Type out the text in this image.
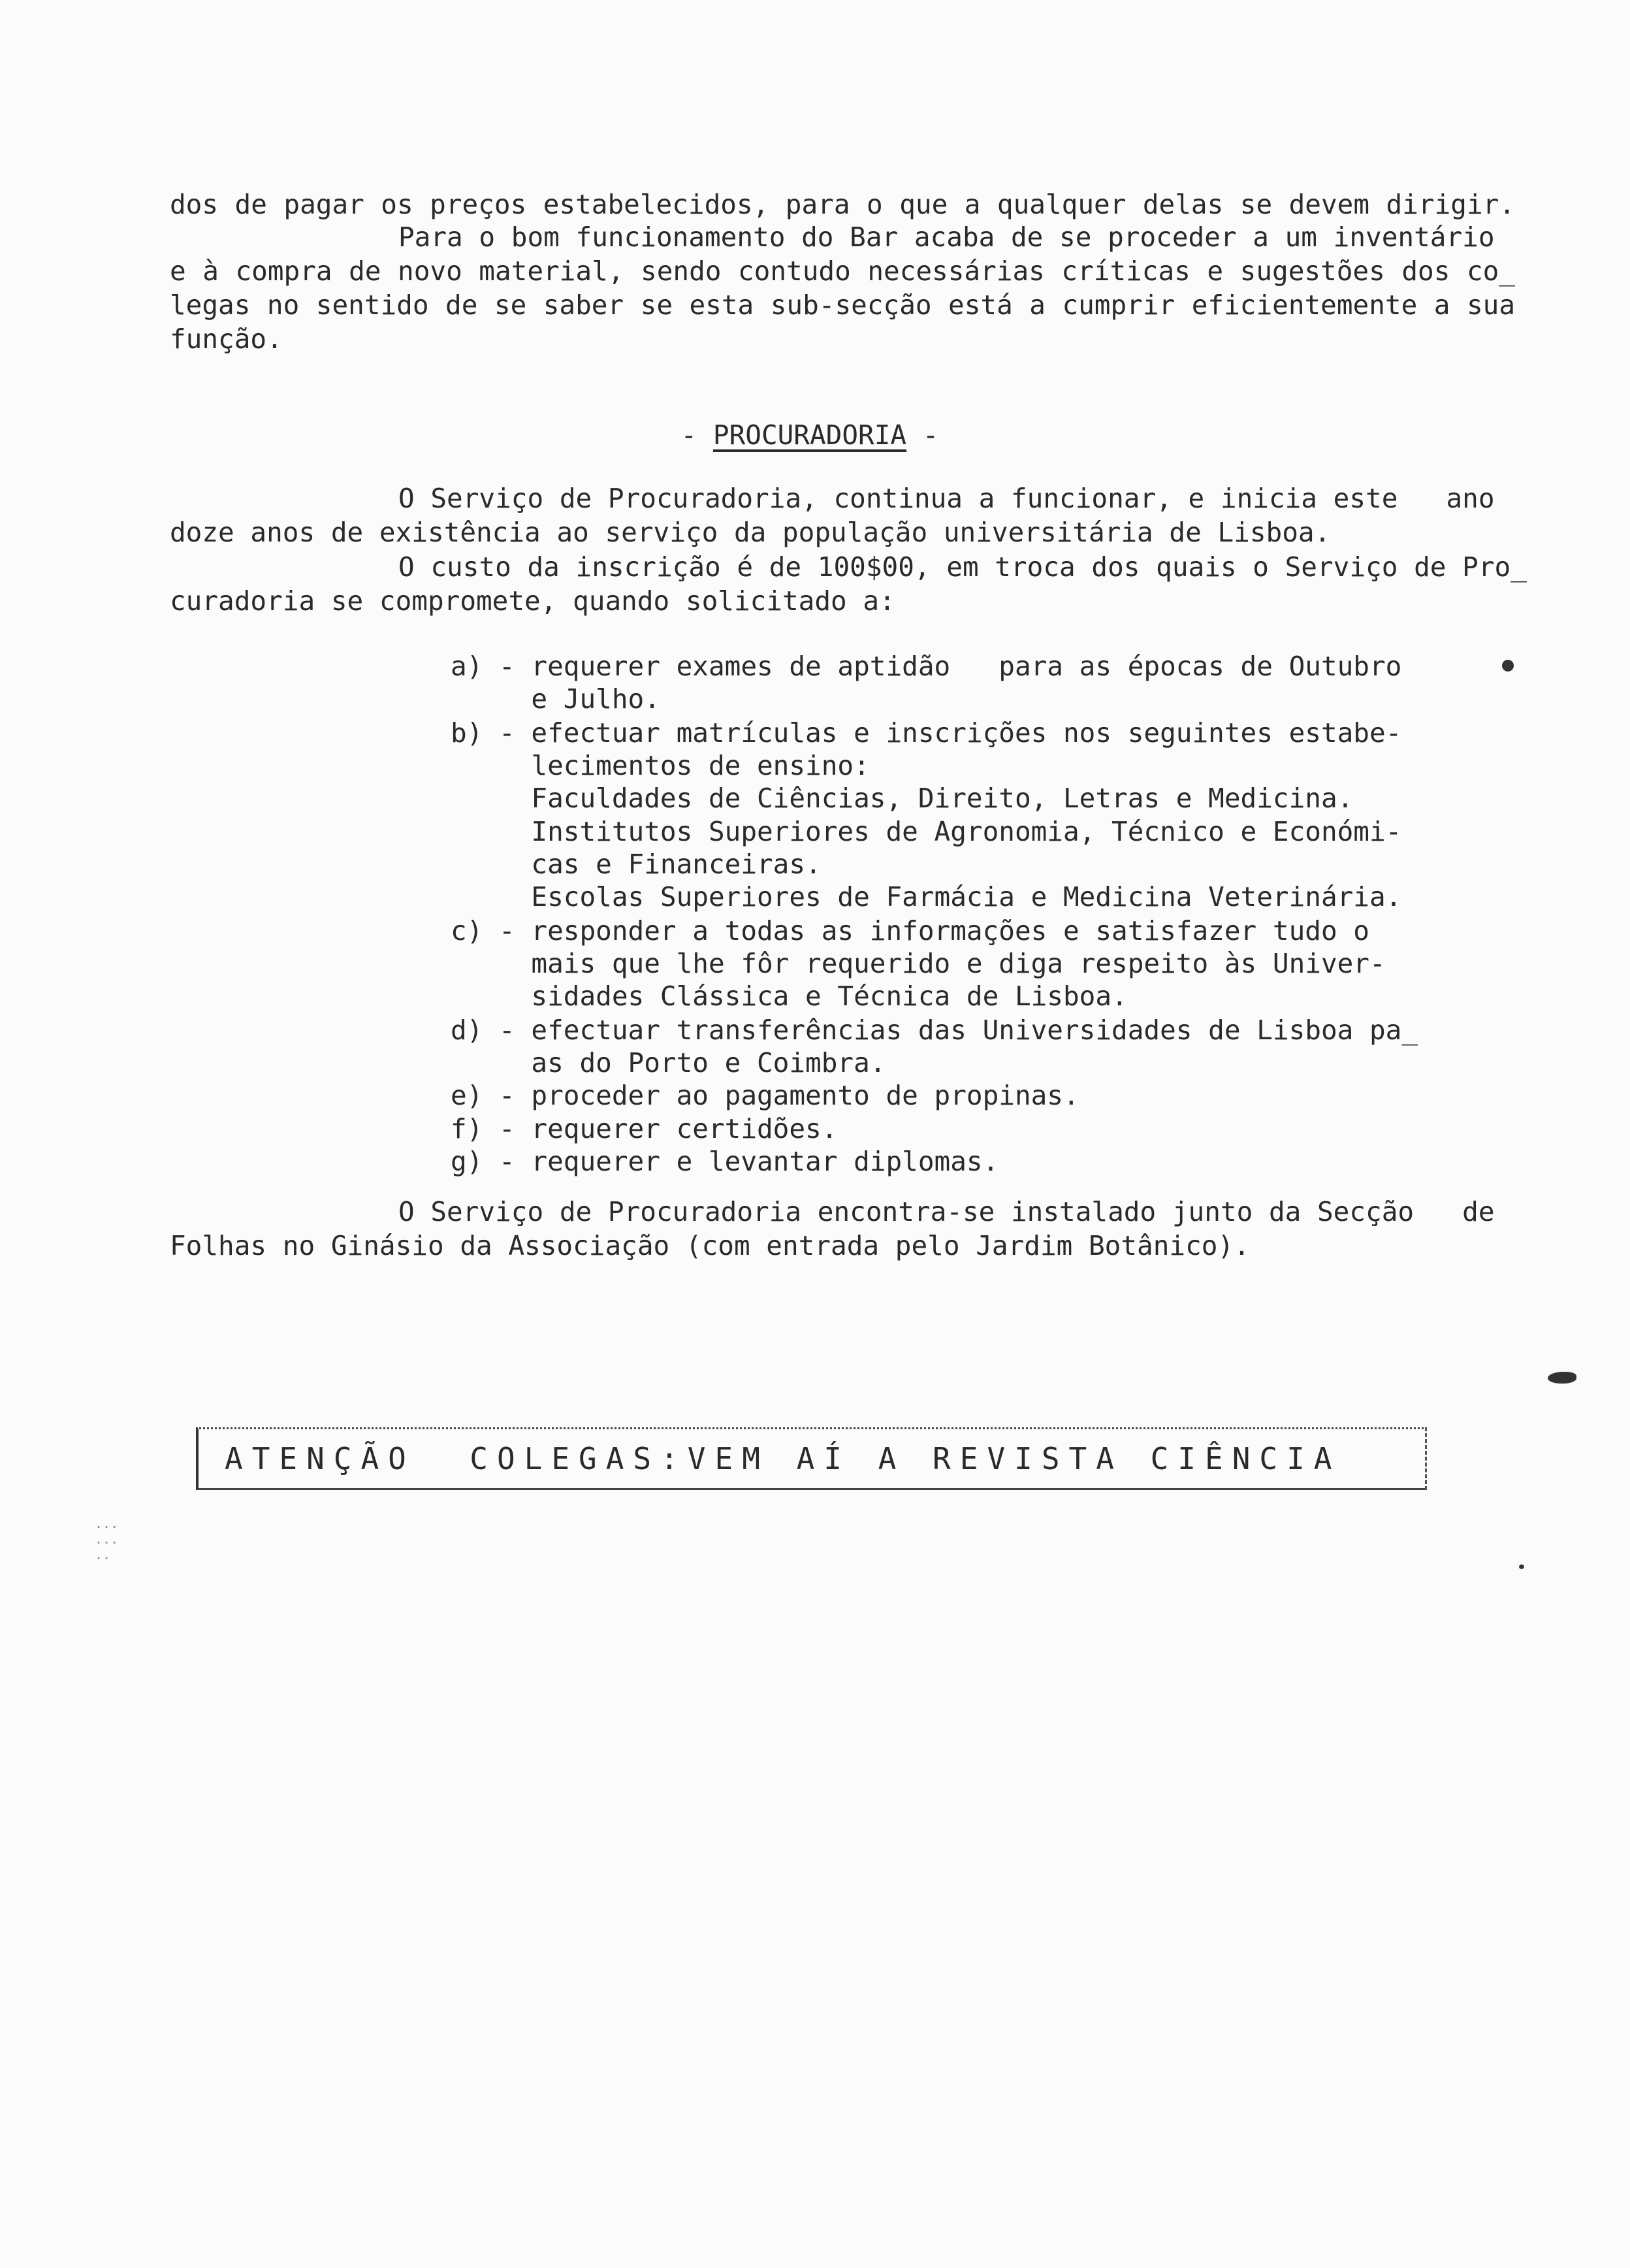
dos de pagar os preços estabelecidos, para o que a qualquer delas se devem dirigir.
Para o bom funcionamento do Bar acaba de se proceder a um inventário
e à compra de novo material, sendo contudo necessárias críticas e sugestões dos co_
legas no sentido de se saber se esta sub-secção está a cumprir eficientemente a sua
função.
- PROCURADORIA -
O Serviço de Procuradoria, continua a funcionar, e inicia este   ano
doze anos de existência ao serviço da população universitária de Lisboa.
O custo da inscrição é de 100$00, em troca dos quais o Serviço de Pro_
curadoria se compromete, quando solicitado a:
a) - requerer exames de aptidão   para as épocas de Outubro
e Julho.
b) - efectuar matrículas e inscrições nos seguintes estabe-
lecimentos de ensino:
Faculdades de Ciências, Direito, Letras e Medicina.
Institutos Superiores de Agronomia, Técnico e Económi-
cas e Financeiras.
Escolas Superiores de Farmácia e Medicina Veterinária.
c) - responder a todas as informações e satisfazer tudo o
mais que lhe fôr requerido e diga respeito às Univer-
sidades Clássica e Técnica de Lisboa.
d) - efectuar transferências das Universidades de Lisboa pa_
as do Porto e Coimbra.
e) - proceder ao pagamento de propinas.
f) - requerer certidões.
g) - requerer e levantar diplomas.
O Serviço de Procuradoria encontra-se instalado junto da Secção   de
Folhas no Ginásio da Associação (com entrada pelo Jardim Botânico).
ATENÇÃO  COLEGAS:VEM AÍ A REVISTA CIÊNCIA
...
...
..
